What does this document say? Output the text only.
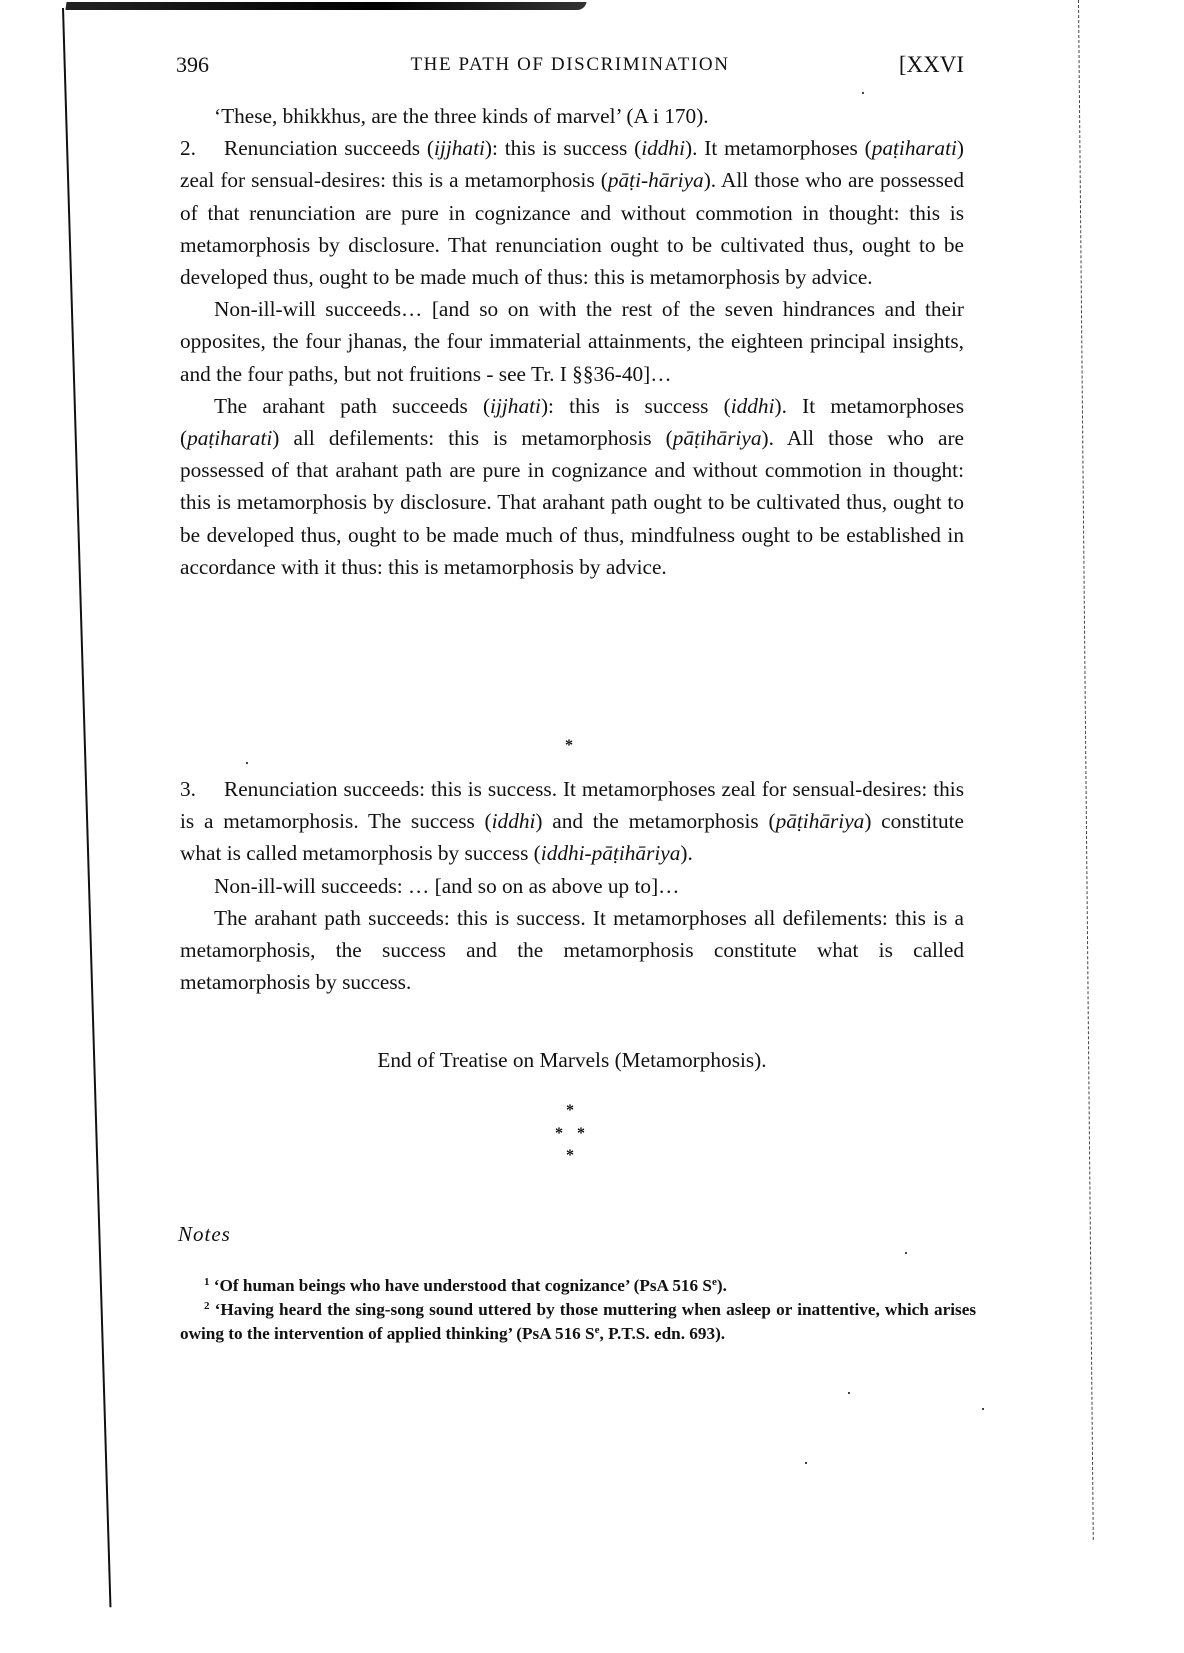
396	THE PATH OF DISCRIMINATION	[XXVI

‘These, bhikkhus, are the three kinds of marvel’ (A i 170).

2. Renunciation succeeds (ijjhati): this is success (iddhi). It metamorphoses (paṭiharati) zeal for sensual-desires: this is a metamorphosis (pāṭi-hāriya). All those who are possessed of that renunciation are pure in cognizance and without commotion in thought: this is metamorphosis by disclosure. That renunciation ought to be cultivated thus, ought to be developed thus, ought to be made much of thus: this is metamorphosis by advice.

Non-ill-will succeeds… [and so on with the rest of the seven hindrances and their opposites, the four jhanas, the four immaterial attainments, the eighteen principal insights, and the four paths, but not fruitions - see Tr. I §§36-40]…

The arahant path succeeds (ijjhati): this is success (iddhi). It metamorphoses (paṭiharati) all defilements: this is metamorphosis (pāṭihāriya). All those who are possessed of that arahant path are pure in cognizance and without commotion in thought: this is metamorphosis by disclosure. That arahant path ought to be cultivated thus, ought to be developed thus, ought to be made much of thus, mindfulness ought to be established in accordance with it thus: this is metamorphosis by advice.

*

3. Renunciation succeeds: this is success. It metamorphoses zeal for sensual-desires: this is a metamorphosis. The success (iddhi) and the metamorphosis (pāṭihāriya) constitute what is called metamorphosis by success (iddhi-pāṭihāriya).

Non-ill-will succeeds: … [and so on as above up to]…

The arahant path succeeds: this is success. It metamorphoses all defilements: this is a metamorphosis, the success and the metamorphosis constitute what is called metamorphosis by success.

End of Treatise on Marvels (Metamorphosis).
*
* *
*
Notes

$^1$ ‘Of human beings who have understood that cognizance’ (PsA 516 $S^e$).

$^2$ ‘Having heard the sing-song sound uttered by those muttering when asleep or inattentive, which arises owing to the intervention of applied thinking’ (PsA 516 $S^e$, P.T.S. edn. 693).
